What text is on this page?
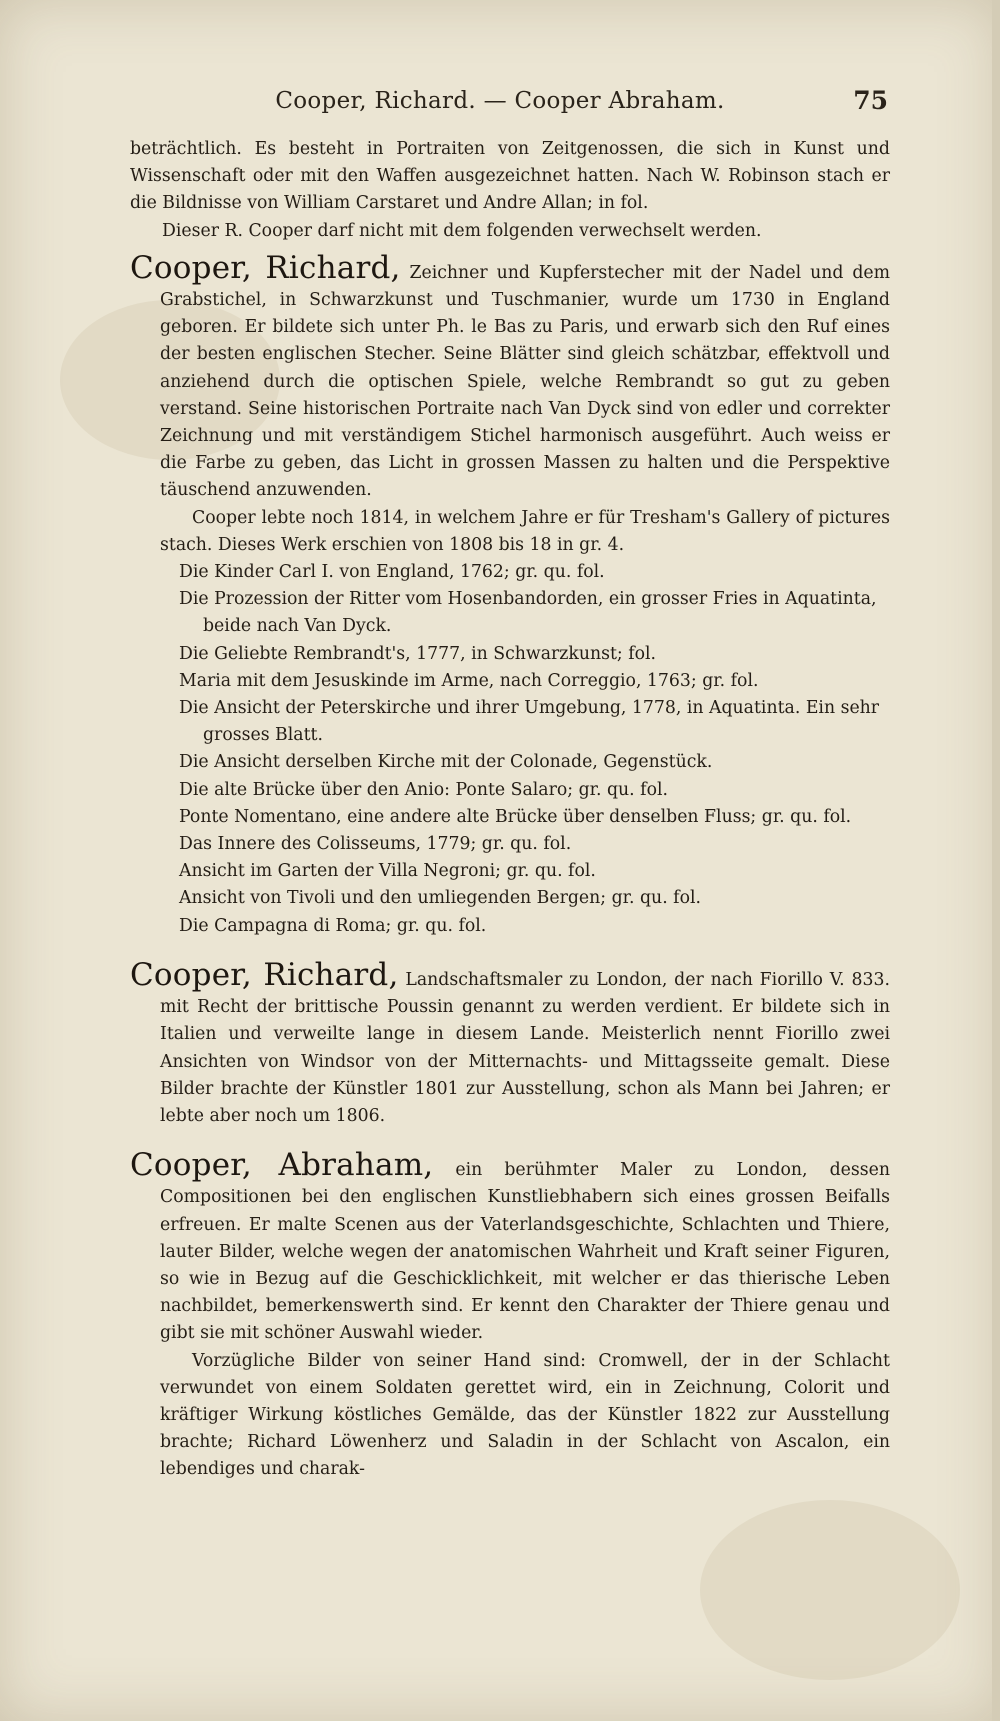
Cooper, Richard. — Cooper Abraham.	75

beträchtlich. Es besteht in Portraiten von Zeitgenossen, die sich in Kunst und Wissenschaft oder mit den Waffen ausgezeichnet hatten. Nach W. Robinson stach er die Bildnisse von William Carstaret und Andre Allan; in fol.

Dieser R. Cooper darf nicht mit dem folgenden verwechselt werden.

Cooper, Richard, Zeichner und Kupferstecher mit der Nadel und dem Grabstichel, in Schwarzkunst und Tuschmanier, wurde um 1730 in England geboren. Er bildete sich unter Ph. le Bas zu Paris, und erwarb sich den Ruf eines der besten englischen Stecher. Seine Blätter sind gleich schätzbar, effektvoll und anziehend durch die optischen Spiele, welche Rembrandt so gut zu geben verstand. Seine historischen Portraite nach Van Dyck sind von edler und correkter Zeichnung und mit verständigem Stichel harmonisch ausgeführt. Auch weiss er die Farbe zu geben, das Licht in grossen Massen zu halten und die Perspektive täuschend anzuwenden.

Cooper lebte noch 1814, in welchem Jahre er für Tresham's Gallery of pictures stach. Dieses Werk erschien von 1808 bis 18 in gr. 4.

Die Kinder Carl I. von England, 1762; gr. qu. fol.
Die Prozession der Ritter vom Hosenbandorden, ein grosser Fries in Aquatinta, beide nach Van Dyck.
Die Geliebte Rembrandt's, 1777, in Schwarzkunst; fol.
Maria mit dem Jesuskinde im Arme, nach Correggio, 1763; gr. fol.
Die Ansicht der Peterskirche und ihrer Umgebung, 1778, in Aquatinta. Ein sehr grosses Blatt.
Die Ansicht derselben Kirche mit der Colonade, Gegenstück.
Die alte Brücke über den Anio: Ponte Salaro; gr. qu. fol.
Ponte Nomentano, eine andere alte Brücke über denselben Fluss; gr. qu. fol.
Das Innere des Colisseums, 1779; gr. qu. fol.
Ansicht im Garten der Villa Negroni; gr. qu. fol.
Ansicht von Tivoli und den umliegenden Bergen; gr. qu. fol.
Die Campagna di Roma; gr. qu. fol.

Cooper, Richard, Landschaftsmaler zu London, der nach Fiorillo V. 833. mit Recht der brittische Poussin genannt zu werden verdient. Er bildete sich in Italien und verweilte lange in diesem Lande. Meisterlich nennt Fiorillo zwei Ansichten von Windsor von der Mitternachts- und Mittagsseite gemalt. Diese Bilder brachte der Künstler 1801 zur Ausstellung, schon als Mann bei Jahren; er lebte aber noch um 1806.

Cooper, Abraham, ein berühmter Maler zu London, dessen Compositionen bei den englischen Kunstliebhabern sich eines grossen Beifalls erfreuen. Er malte Scenen aus der Vaterlandsgeschichte, Schlachten und Thiere, lauter Bilder, welche wegen der anatomischen Wahrheit und Kraft seiner Figuren, so wie in Bezug auf die Geschicklichkeit, mit welcher er das thierische Leben nachbildet, bemerkenswerth sind. Er kennt den Charakter der Thiere genau und gibt sie mit schöner Auswahl wieder.

Vorzügliche Bilder von seiner Hand sind: Cromwell, der in der Schlacht verwundet von einem Soldaten gerettet wird, ein in Zeichnung, Colorit und kräftiger Wirkung köstliches Gemälde, das der Künstler 1822 zur Ausstellung brachte; Richard Löwenherz und Saladin in der Schlacht von Ascalon, ein lebendiges und charak-
